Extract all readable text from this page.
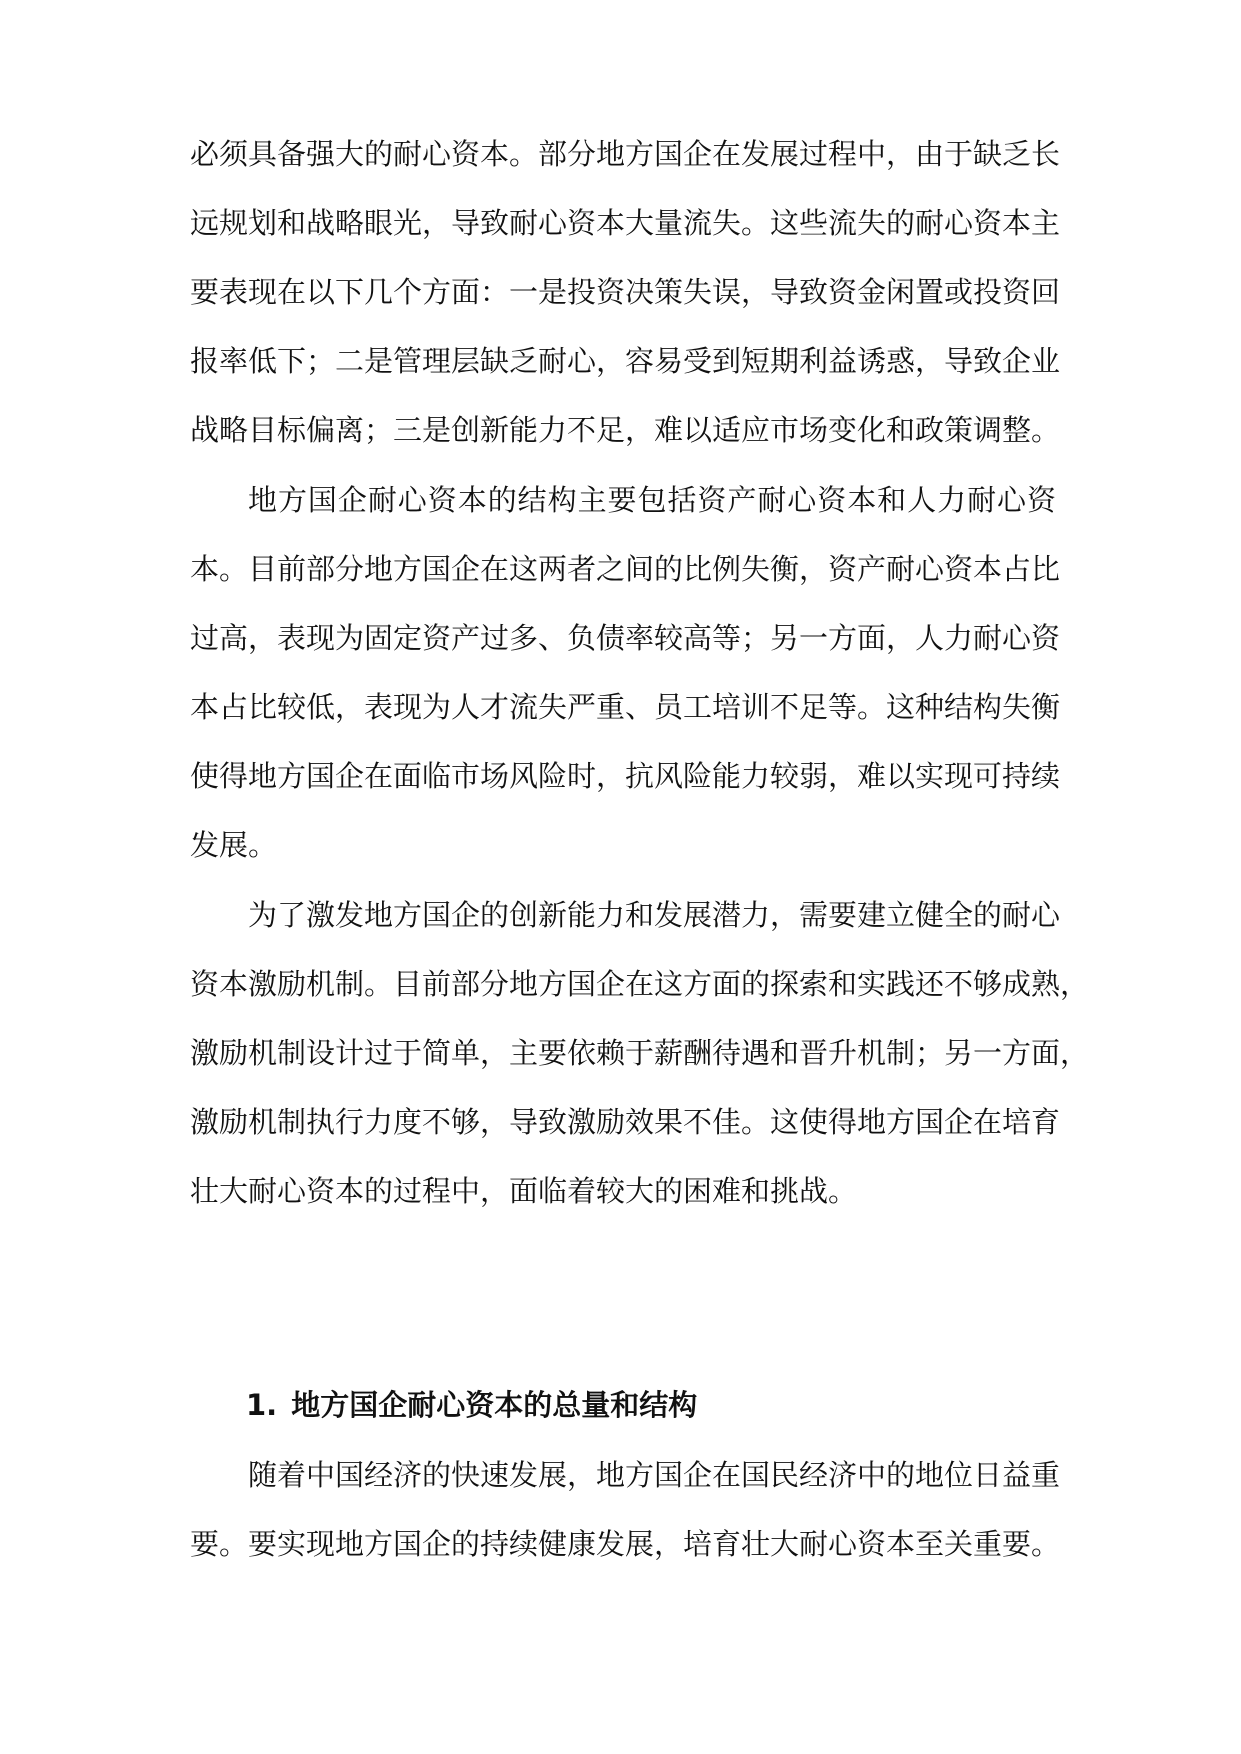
必须具备强大的耐心资本。部分地方国企在发展过程中，由于缺乏长
远规划和战略眼光，导致耐心资本大量流失。这些流失的耐心资本主
要表现在以下几个方面：一是投资决策失误，导致资金闲置或投资回
报率低下；二是管理层缺乏耐心，容易受到短期利益诱惑，导致企业
战略目标偏离；三是创新能力不足，难以适应市场变化和政策调整。
地方国企耐心资本的结构主要包括资产耐心资本和人力耐心资
本。目前部分地方国企在这两者之间的比例失衡，资产耐心资本占比
过高，表现为固定资产过多、负债率较高等；另一方面，人力耐心资
本占比较低，表现为人才流失严重、员工培训不足等。这种结构失衡
使得地方国企在面临市场风险时，抗风险能力较弱，难以实现可持续
发展。
为了激发地方国企的创新能力和发展潜力，需要建立健全的耐心
资本激励机制。目前部分地方国企在这方面的探索和实践还不够成熟，
激励机制设计过于简单，主要依赖于薪酬待遇和晋升机制；另一方面，
激励机制执行力度不够，导致激励效果不佳。这使得地方国企在培育
壮大耐心资本的过程中，面临着较大的困难和挑战。
1. 地方国企耐心资本的总量和结构
随着中国经济的快速发展，地方国企在国民经济中的地位日益重
要。要实现地方国企的持续健康发展，培育壮大耐心资本至关重要。
